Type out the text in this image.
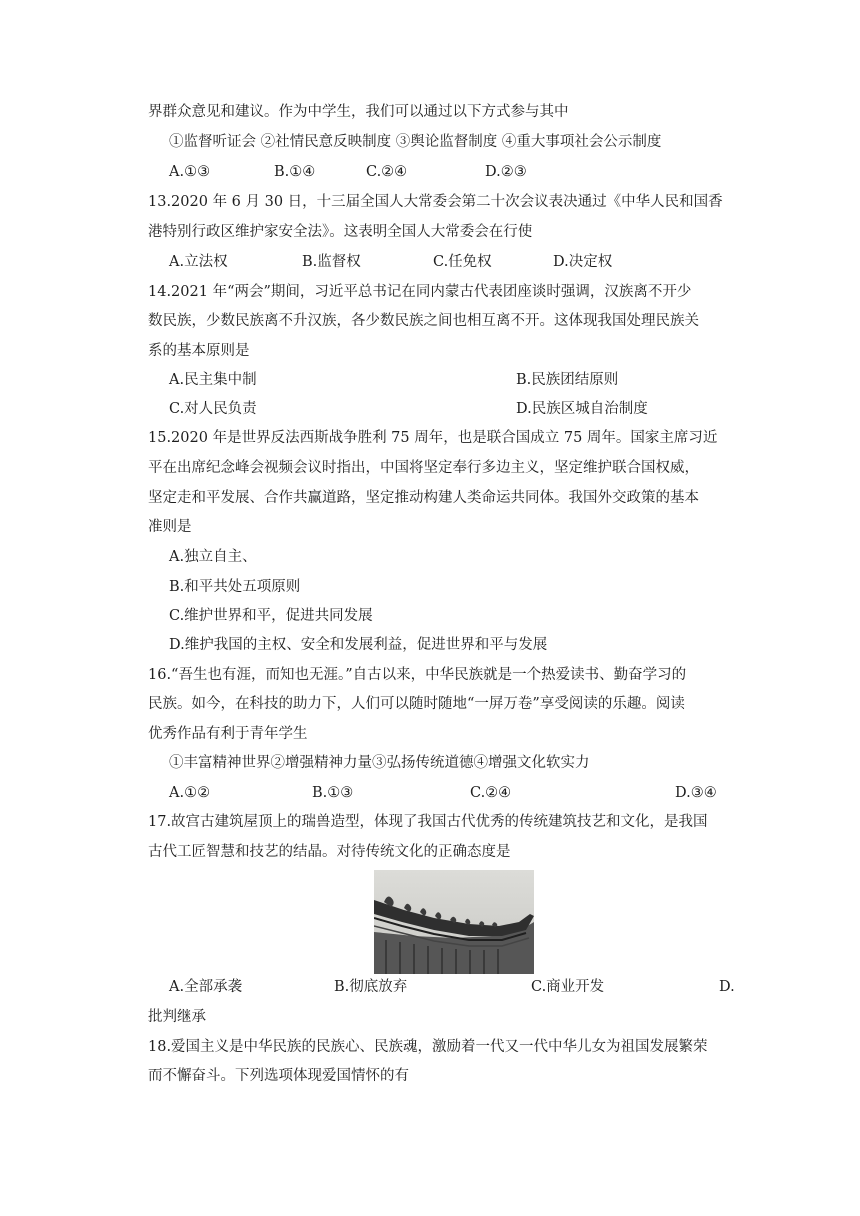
界群众意见和建议。作为中学生，我们可以通过以下方式参与其中
①监督听证会 ②社情民意反映制度 ③舆论监督制度 ④重大事项社会公示制度
A.①③	B.①④	C.②④	D.②③
13.2020 年 6 月 30 日，十三届全国人大常委会第二十次会议表决通过《中华人民和国香
港特别行政区维护家安全法》。这表明全国人大常委会在行使
A.立法权	B.监督权	C.任免权	D.决定权
14.2021 年“两会”期间，习近平总书记在同内蒙古代表团座谈时强调，汉族离不开少
数民族，少数民族离不升汉族，各少数民族之间也相互离不开。这体现我国处理民族关
系的基本原则是
A.民主集中制	B.民族团结原则
C.对人民负责	D.民族区城自治制度
15.2020 年是世界反法西斯战争胜利 75 周年，也是联合国成立 75 周年。国家主席习近
平在出席纪念峰会视频会议时指出，中国将坚定奉行多边主义，坚定维护联合国权威，
坚定走和平发展、合作共赢道路，坚定推动构建人类命运共同体。我国外交政策的基本
准则是
A.独立自主、
B.和平共处五项原则
C.维护世界和平，促进共同发展
D.维护我国的主权、安全和发展利益，促进世界和平与发展
16.“吾生也有涯，而知也无涯。”自古以来，中华民族就是一个热爱读书、勤奋学习的
民族。如今，在科技的助力下，人们可以随时随地“一屏万卷”享受阅读的乐趣。阅读
优秀作品有利于青年学生
①丰富精神世界②增强精神力量③弘扬传统道德④增强文化软实力
A.①②	B.①③	C.②④	D.③④
17.故宫古建筑屋顶上的瑞兽造型，体现了我国古代优秀的传统建筑技艺和文化，是我国
古代工匠智慧和技艺的结晶。对待传统文化的正确态度是
A.全部承袭	B.彻底放弃	C.商业开发	D.
批判继承
18.爱国主义是中华民族的民族心、民族魂，激励着一代又一代中华儿女为祖国发展繁荣
而不懈奋斗。下列选项体现爱国情怀的有
